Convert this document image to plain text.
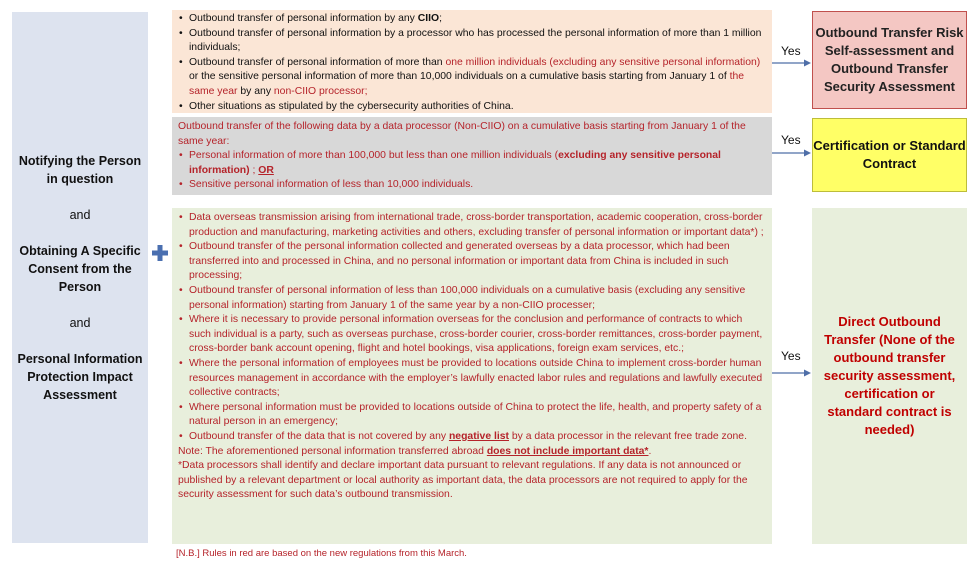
Notifying the Person in question
and
Obtaining A Specific Consent from the Person
and
Personal Information Protection Impact Assessment
• Outbound transfer of personal information by any CIIO;
• Outbound transfer of personal information by a processor who has processed the personal information of more than 1 million individuals;
• Outbound transfer of personal information of more than one million individuals (excluding any sensitive personal information) or the sensitive personal information of more than 10,000 individuals on a cumulative basis starting from January 1 of the same year by any non-CIIO processor;
• Other situations as stipulated by the cybersecurity authorities of China.
Outbound transfer of the following data by a data processor (Non-CIIO) on a cumulative basis starting from January 1 of the same year:
• Personal information of more than 100,000 but less than one million individuals (excluding any sensitive personal information) ; OR
• Sensitive personal information of less than 10,000 individuals.
• Data overseas transmission arising from international trade, cross-border transportation, academic cooperation, cross-border production and manufacturing, marketing activities and others, excluding transfer of personal information or important data*) ;
• Outbound transfer of the personal information collected and generated overseas by a data processor, which had been transferred into and processed in China, and no personal information or important data from China is included in such processing;
• Outbound transfer of personal information of less than 100,000 individuals on a cumulative basis (excluding any sensitive personal information) starting from January 1 of the same year by a non-CIIO processer;
• Where it is necessary to provide personal information overseas for the conclusion and performance of contracts to which such individual is a party, such as overseas purchase, cross-border courier, cross-border remittances, cross-border payment, cross-border bank account opening, flight and hotel bookings, visa applications, foreign exam services, etc.;
• Where the personal information of employees must be provided to locations outside China to implement cross-border human resources management in accordance with the employer’s lawfully enacted labor rules and regulations and lawfully executed collective contracts;
• Where personal information must be provided to locations outside of China to protect the life, health, and property safety of a natural person in an emergency;
• Outbound transfer of the data that is not covered by any negative list by a data processor in the relevant free trade zone.
Note: The aforementioned personal information transferred abroad does not include important data*.
*Data processors shall identify and declare important data pursuant to relevant regulations. If any data is not announced or published by a relevant department or local authority as important data, the data processors are not required to apply for the security assessment for such data’s outbound transmission.
Yes
Yes
Yes
Outbound Transfer Risk Self-assessment and Outbound Transfer Security Assessment
Certification or Standard Contract
Direct Outbound Transfer (None of the outbound transfer security assessment, certification or standard contract is needed)
[N.B.] Rules in red are based on the new regulations from this March.
